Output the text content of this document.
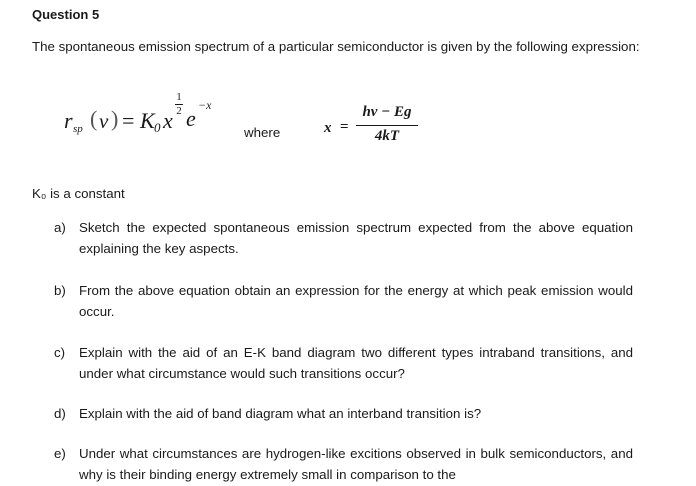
Question 5
The spontaneous emission spectrum of a particular semiconductor is given by the following expression:
r sp ( v ) = K 0 x
1
2 e
−x
where	x =
hv − Eg
4kT
K₀ is a constant
a) Sketch the expected spontaneous emission spectrum expected from the above equation explaining the key aspects.
b) From the above equation obtain an expression for the energy at which peak emission would occur.
c) Explain with the aid of an E-K band diagram two different types intraband transitions, and under what circumstance would such transitions occur?
d) Explain with the aid of band diagram what an interband transition is?
e) Under what circumstances are hydrogen-like excitions observed in bulk semiconductors, and why is their binding energy extremely small in comparison to the
